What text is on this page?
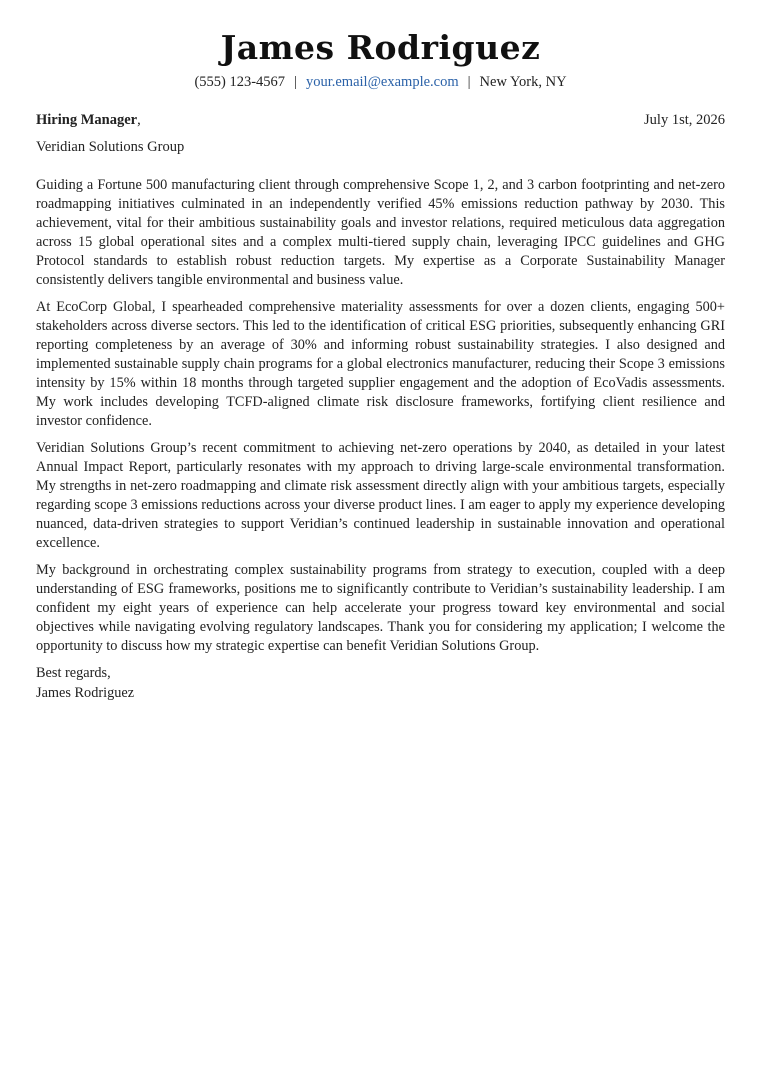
James Rodriguez
(555) 123-4567 | your.email@example.com | New York, NY
Hiring Manager,	July 1st, 2026
Veridian Solutions Group

Guiding a Fortune 500 manufacturing client through comprehensive Scope 1, 2, and 3 carbon footprinting and net-zero roadmapping initiatives culminated in an independently verified 45% emissions reduction pathway by 2030. This achievement, vital for their ambitious sustainability goals and investor relations, required meticulous data aggregation across 15 global operational sites and a complex multi-tiered supply chain, leveraging IPCC guidelines and GHG Protocol standards to establish robust reduction targets. My expertise as a Corporate Sustainability Manager consistently delivers tangible environmental and business value.

At EcoCorp Global, I spearheaded comprehensive materiality assessments for over a dozen clients, engaging 500+ stakeholders across diverse sectors. This led to the identification of critical ESG priorities, subsequently enhancing GRI reporting completeness by an average of 30% and informing robust sustainability strategies. I also designed and implemented sustainable supply chain programs for a global electronics manufacturer, reducing their Scope 3 emissions intensity by 15% within 18 months through targeted supplier engagement and the adoption of EcoVadis assessments. My work includes developing TCFD-aligned climate risk disclosure frameworks, fortifying client resilience and investor confidence.

Veridian Solutions Group’s recent commitment to achieving net-zero operations by 2040, as detailed in your latest Annual Impact Report, particularly resonates with my approach to driving large-scale environmental transformation. My strengths in net-zero roadmapping and climate risk assessment directly align with your ambitious targets, especially regarding scope 3 emissions reductions across your diverse product lines. I am eager to apply my experience developing nuanced, data-driven strategies to support Veridian’s continued leadership in sustainable innovation and operational excellence.

My background in orchestrating complex sustainability programs from strategy to execution, coupled with a deep understanding of ESG frameworks, positions me to significantly contribute to Veridian’s sustainability leadership. I am confident my eight years of experience can help accelerate your progress toward key environmental and social objectives while navigating evolving regulatory landscapes. Thank you for considering my application; I welcome the opportunity to discuss how my strategic expertise can benefit Veridian Solutions Group.

Best regards,
James Rodriguez
